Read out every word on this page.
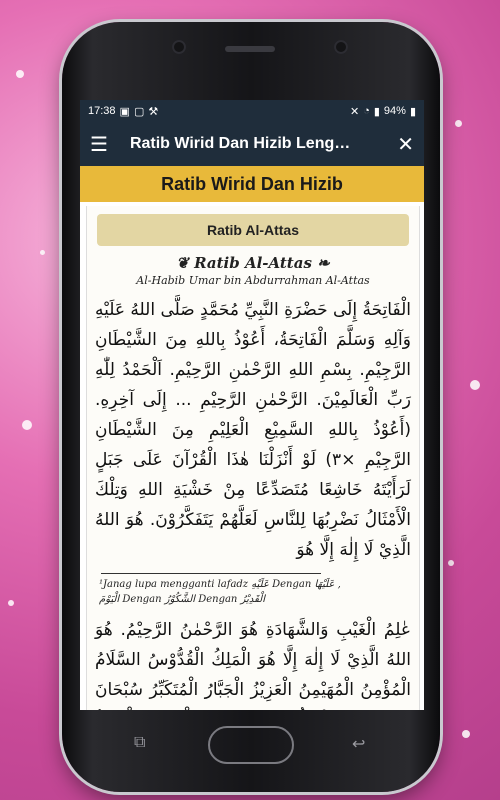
17:38 ▣ ▢ ⚒	✕ ◔ ▮ 94% ▮
☰	Ratib Wirid Dan Hizib Leng…	✕
Ratib Wirid Dan Hizib
Ratib Al-Attas
❦ Ratib Al-Attas ❧
Al-Habib Umar bin Abdurrahman Al-Attas
الْفَاتِحَةُ إِلَى حَضْرَةِ النَّبِيِّ مُحَمَّدٍ صَلَّى اللهُ عَلَيْهِ وَآلِهِ وَسَلَّمَ الْفَاتِحَةُ، أَعُوْذُ بِاللهِ مِنَ الشَّيْطَانِ الرَّجِيْمِ. بِسْمِ اللهِ الرَّحْمٰنِ الرَّحِيْمِ. اَلْحَمْدُ لِلّٰهِ رَبِّ الْعَالَمِيْنَ. الرَّحْمٰنِ الرَّحِيْمِ ... إِلَى آخِرِهِ. (أَعُوْذُ بِاللهِ السَّمِيْعِ الْعَلِيْمِ مِنَ الشَّيْطَانِ الرَّجِيْمِ ×٣) لَوْ أَنْزَلْنَا هٰذَا الْقُرْآنَ عَلَى جَبَلٍ لَرَأَيْتَهُ خَاشِعًا مُتَصَدِّعًا مِنْ خَشْيَةِ اللهِ وَتِلْكَ الْأَمْثَالُ نَضْرِبُهَا لِلنَّاسِ لَعَلَّهُمْ يَتَفَكَّرُوْنَ. هُوَ اللهُ الَّذِيْ لَا إِلٰهَ إِلَّا هُوَ
¹Janag lupa mengganti lafadz عَلَيْهِ Dengan عَلَيْهَا ,
الْيَوْمَ Dengan الشَّكُوْرُ Dengan الْقَدِيْرُ
عٰلِمُ الْغَيْبِ وَالشَّهَادَةِ هُوَ الرَّحْمٰنُ الرَّحِيْمُ. هُوَ اللهُ الَّذِيْ لَا إِلٰهَ إِلَّا هُوَ الْمَلِكُ الْقُدُّوْسُ السَّلَامُ الْمُؤْمِنُ الْمُهَيْمِنُ الْعَزِيْزُ الْجَبَّارُ الْمُتَكَبِّرُ سُبْحَانَ
⧉	↩
